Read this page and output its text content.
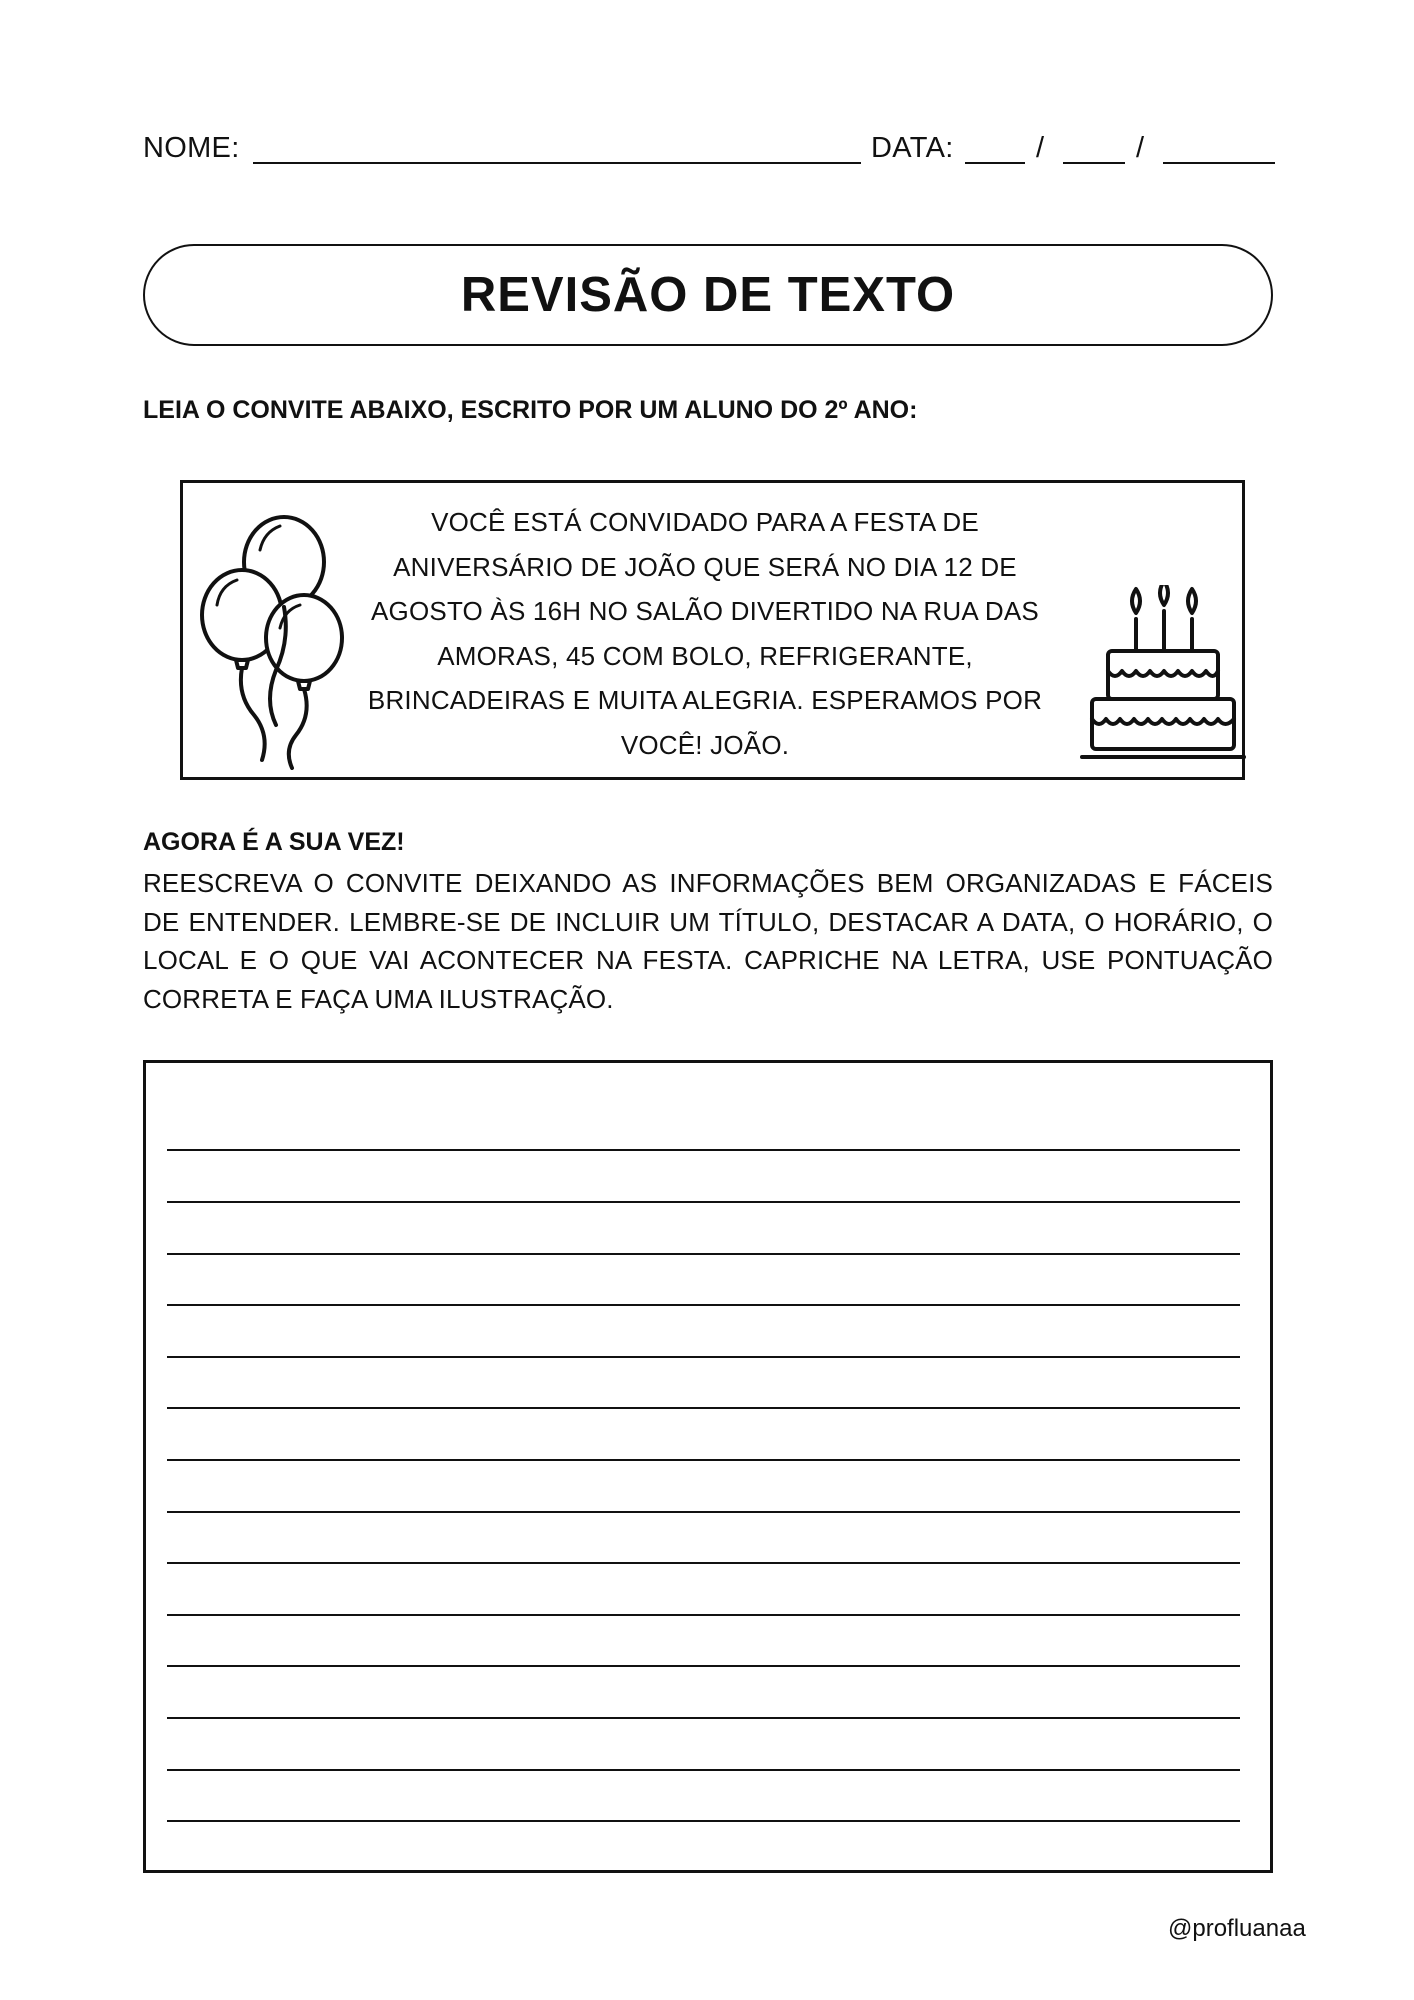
NOME:	DATA:	/	/
REVISÃO DE TEXTO
LEIA O CONVITE ABAIXO, ESCRITO POR UM ALUNO DO 2º ANO:
VOCÊ ESTÁ CONVIDADO PARA A FESTA DE
ANIVERSÁRIO DE JOÃO QUE SERÁ NO DIA 12 DE
AGOSTO ÀS 16H NO SALÃO DIVERTIDO NA RUA DAS
AMORAS, 45 COM BOLO, REFRIGERANTE,
BRINCADEIRAS E MUITA ALEGRIA. ESPERAMOS POR
VOCÊ! JOÃO.
AGORA É A SUA VEZ!
REESCREVA O CONVITE DEIXANDO AS INFORMAÇÕES BEM ORGANIZADAS E FÁCEIS DE ENTENDER. LEMBRE-SE DE INCLUIR UM TÍTULO, DESTACAR A DATA, O HORÁRIO, O LOCAL E O QUE VAI ACONTECER NA FESTA. CAPRICHE NA LETRA, USE PONTUAÇÃO CORRETA E FAÇA UMA ILUSTRAÇÃO.
@profluanaa
